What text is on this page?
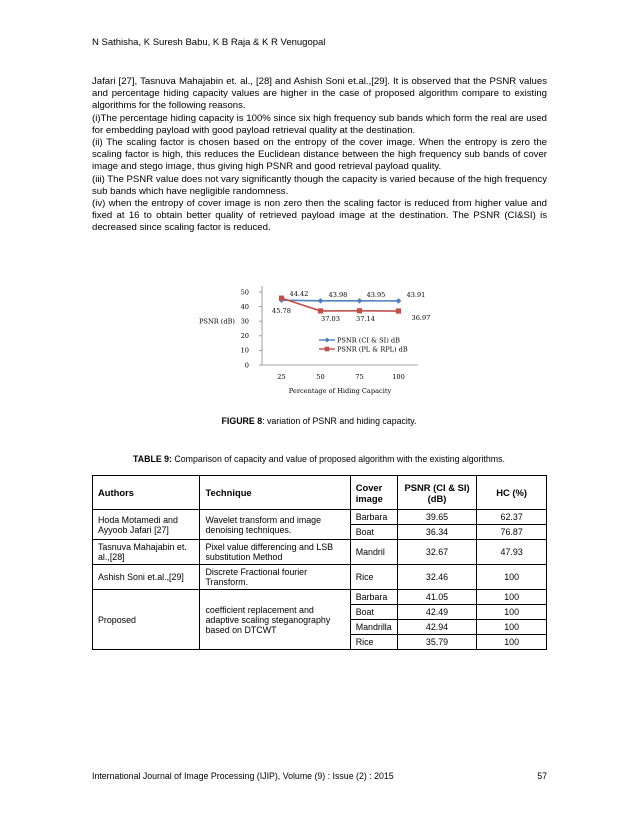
N Sathisha, K Suresh Babu, K B Raja & K R Venugopal

Jafari [27], Tasnuva Mahajabin et. al., [28] and Ashish Soni et.al.,[29]. It is observed that the PSNR values and percentage hiding capacity values are higher in the case of proposed algorithm compare to existing algorithms for the following reasons.

(i)The percentage hiding capacity is 100% since six high frequency sub bands which form the real are used for embedding payload with good payload retrieval quality at the destination.

(ii) The scaling factor is chosen based on the entropy of the cover image. When the entropy is zero the scaling factor is high, this reduces the Euclidean distance between the high frequency sub bands of cover image and stego image, thus giving high PSNR and good retrieval payload quality.

(iii) The PSNR value does not vary significantly though the capacity is varied because of the high frequency sub bands which have negligible randomness.

(iv) when the entropy of cover image is non zero then the scaling factor is reduced from higher value and fixed at 16 to obtain better quality of retrieved payload image at the destination. The PSNR (CI&SI) is decreased since scaling factor is reduced.

0
10
20
30
40
50
25	50	75	100
PSNR (dB)
Percentage of Hiding Capacity
44.42	43.98	43.95	43.91
45.78
37.03 37.14	36.97
PSNR (CI & SI) dB
PSNR (PL & RPL) dB
FIGURE 8: variation of PSNR and hiding capacity.
TABLE 9: Comparison of capacity and value of proposed algorithm with the existing algorithms.
Authors	Technique	Cover image	PSNR (CI & SI) (dB)	HC (%)
Hoda Motamedi and Ayyoob Jafari [27]	Wavelet transform and image denoising techniques.	Barbara	39.65	62.37
		Boat	36.34	76.87
Tasnuva Mahajabin et. al.,[28]	Pixel value differencing and LSB substitution Method	Mandril	32.67	47.93
Ashish Soni et.al.,[29]	Discrete Fractional fourier Transform.	Rice	32.46	100
Proposed	coefficient replacement and adaptive scaling steganography based on DTCWT	Barbara	41.05	100
		Boat	42.49	100
		Mandrilla	42.94	100
		Rice	35.79	100
International Journal of Image Processing (IJIP), Volume (9) : Issue (2) : 2015	57
